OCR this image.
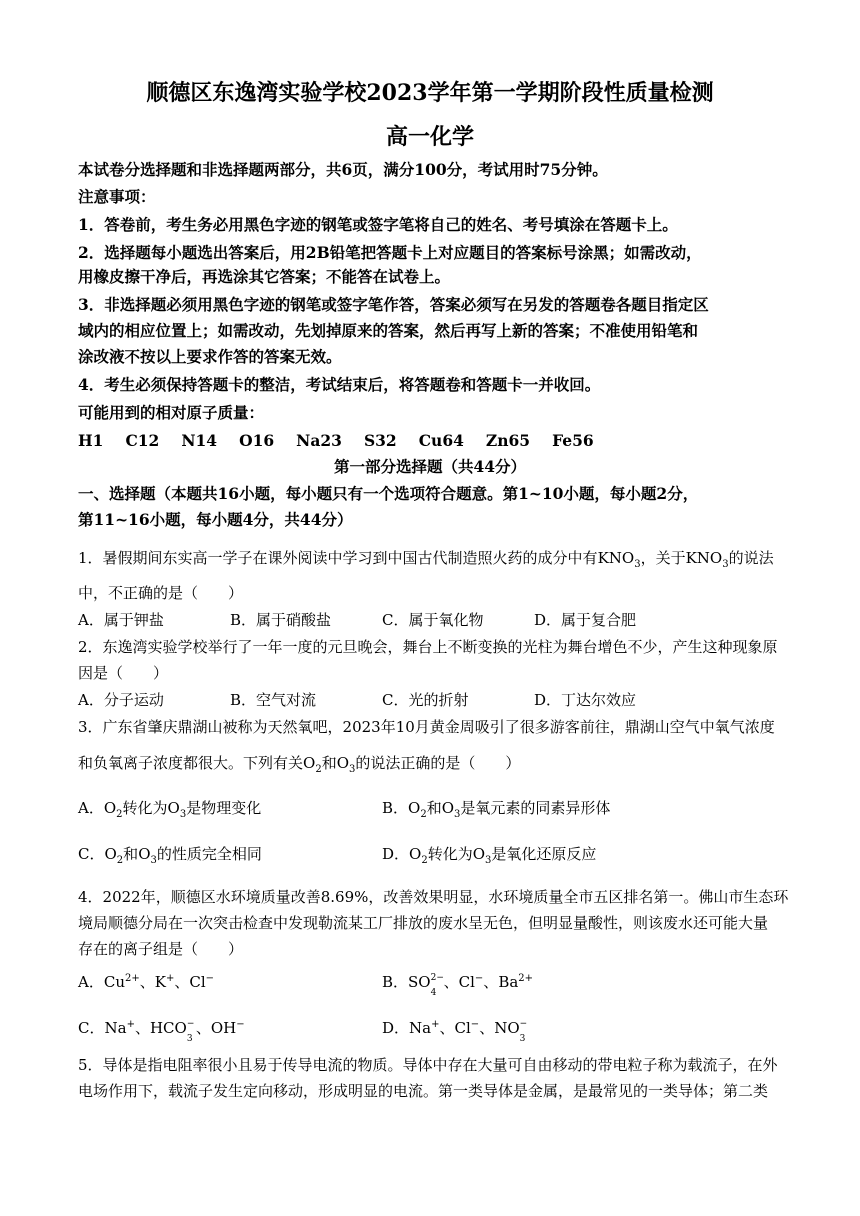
顺德区东逸湾实验学校2023学年第一学期阶段性质量检测
高一化学
本试卷分选择题和非选择题两部分，共6页，满分100分，考试用时75分钟。
注意事项：
1．答卷前，考生务必用黑色字迹的钢笔或签字笔将自己的姓名、考号填涂在答题卡上。
2．选择题每小题选出答案后，用2B铅笔把答题卡上对应题目的答案标号涂黑；如需改动，
用橡皮擦干净后，再选涂其它答案；不能答在试卷上。
3．非选择题必须用黑色字迹的钢笔或签字笔作答，答案必须写在另发的答题卷各题目指定区
域内的相应位置上；如需改动，先划掉原来的答案，然后再写上新的答案；不准使用铅笔和
涂改液不按以上要求作答的答案无效。
4．考生必须保持答题卡的整洁，考试结束后，将答题卷和答题卡一并收回。
可能用到的相对原子质量：
H1 C12 N14 O16 Na23 S32 Cu64 Zn65 Fe56
第一部分选择题（共44分）
一、选择题（本题共16小题，每小题只有一个选项符合题意。第1~10小题，每小题2分，
第11~16小题，每小题4分，共44分）
1．暑假期间东实高一学子在课外阅读中学习到中国古代制造照火药的成分中有$KNO_3$，关于$KNO_3$的说法
中，不正确的是（　　）
A．属于钾盐	B．属于硝酸盐	C．属于氧化物	D．属于复合肥
2．东逸湾实验学校举行了一年一度的元旦晚会，舞台上不断变换的光柱为舞台增色不少，产生这种现象原
因是（　　）
A．分子运动	B．空气对流	C．光的折射	D．丁达尔效应
3．广东省肇庆鼎湖山被称为天然氧吧，2023年10月黄金周吸引了很多游客前往，鼎湖山空气中氧气浓度
和负氧离子浓度都很大。下列有关$O_2$和$O_3$的说法正确的是（　　）
A．$O_2$转化为$O_3$是物理变化	B．$O_2$和$O_3$是氧元素的同素异形体
C．$O_2$和$O_3$的性质完全相同	D．$O_2$转化为$O_3$是氧化还原反应
4．2022年，顺德区水环境质量改善8.69%，改善效果明显，水环境质量全市五区排名第一。佛山市生态环
境局顺德分局在一次突击检查中发现勒流某工厂排放的废水呈无色，但明显量酸性，则该废水还可能大量
存在的离子组是（　　）
A．$Cu^{2+}$、K+、Cl−	B．SO 2−
4
、Cl−、$Ba^{2+}$
C．Na+、HCO −
3
、OH−	D．Na+、Cl−、NO −
3
5．导体是指电阻率很小且易于传导电流的物质。导体中存在大量可自由移动的带电粒子称为载流子，在外
电场作用下，载流子发生定向移动，形成明显的电流。第一类导体是金属，是最常见的一类导体；第二类
